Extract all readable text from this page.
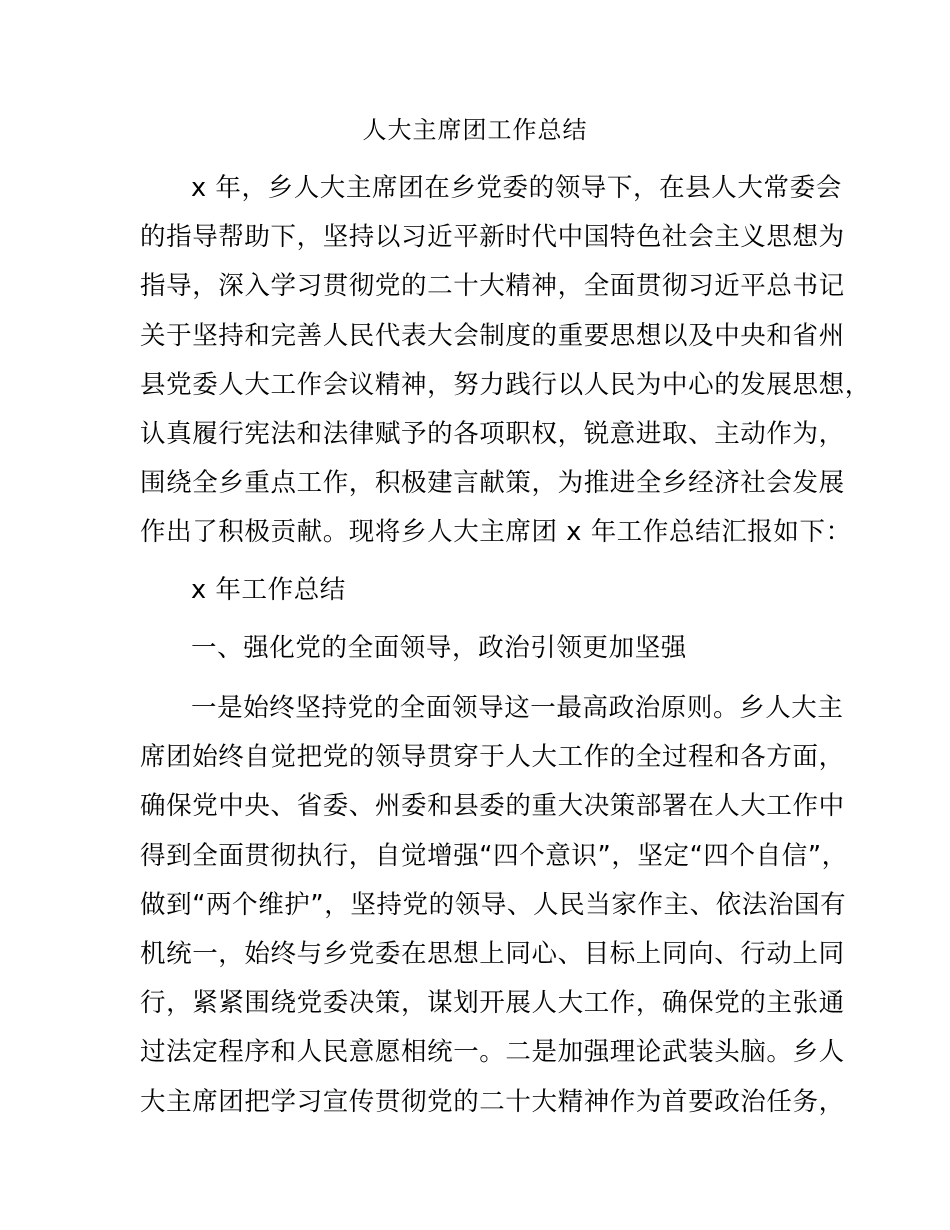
人大主席团工作总结

x 年，乡人大主席团在乡党委的领导下，在县人大常委会
的指导帮助下，坚持以习近平新时代中国特色社会主义思想为
指导，深入学习贯彻党的二十大精神，全面贯彻习近平总书记
关于坚持和完善人民代表大会制度的重要思想以及中央和省州
县党委人大工作会议精神，努力践行以人民为中心的发展思想，
认真履行宪法和法律赋予的各项职权，锐意进取、主动作为，
围绕全乡重点工作，积极建言献策，为推进全乡经济社会发展
作出了积极贡献。现将乡人大主席团 x 年工作总结汇报如下：

x 年工作总结

一、强化党的全面领导，政治引领更加坚强

一是始终坚持党的全面领导这一最高政治原则。乡人大主
席团始终自觉把党的领导贯穿于人大工作的全过程和各方面，
确保党中央、省委、州委和县委的重大决策部署在人大工作中
得到全面贯彻执行，自觉增强“四个意识”，坚定“四个自信”，
做到“两个维护”，坚持党的领导、人民当家作主、依法治国有
机统一，始终与乡党委在思想上同心、目标上同向、行动上同
行，紧紧围绕党委决策，谋划开展人大工作，确保党的主张通
过法定程序和人民意愿相统一。二是加强理论武装头脑。乡人
大主席团把学习宣传贯彻党的二十大精神作为首要政治任务，
